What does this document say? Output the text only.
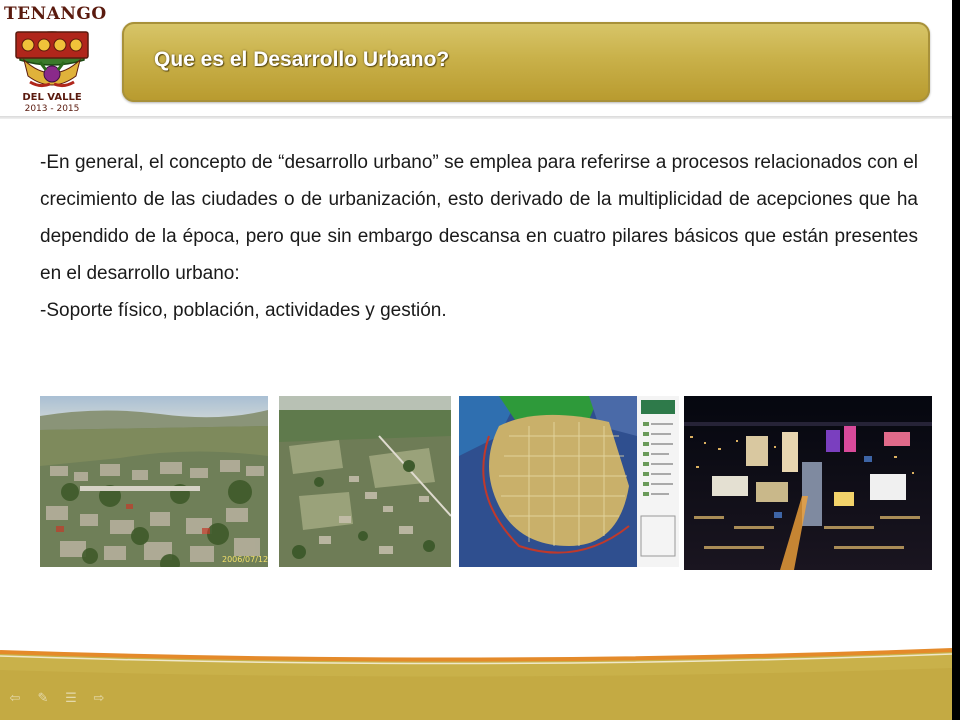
TENANGO
DEL VALLE
2013 - 2015
Que es el Desarrollo Urbano?

-En general, el concepto de “desarrollo urbano” se emplea para referirse a procesos relacionados con el crecimiento de las ciudades o de urbanización, esto derivado de la multiplicidad de acepciones que ha dependido de la época, pero que sin embargo descansa en cuatro pilares básicos que están presentes en el desarrollo urbano:

-Soporte físico, población, actividades y gestión.

2006/07/12
⇦ ✎ ☰ ⇨
